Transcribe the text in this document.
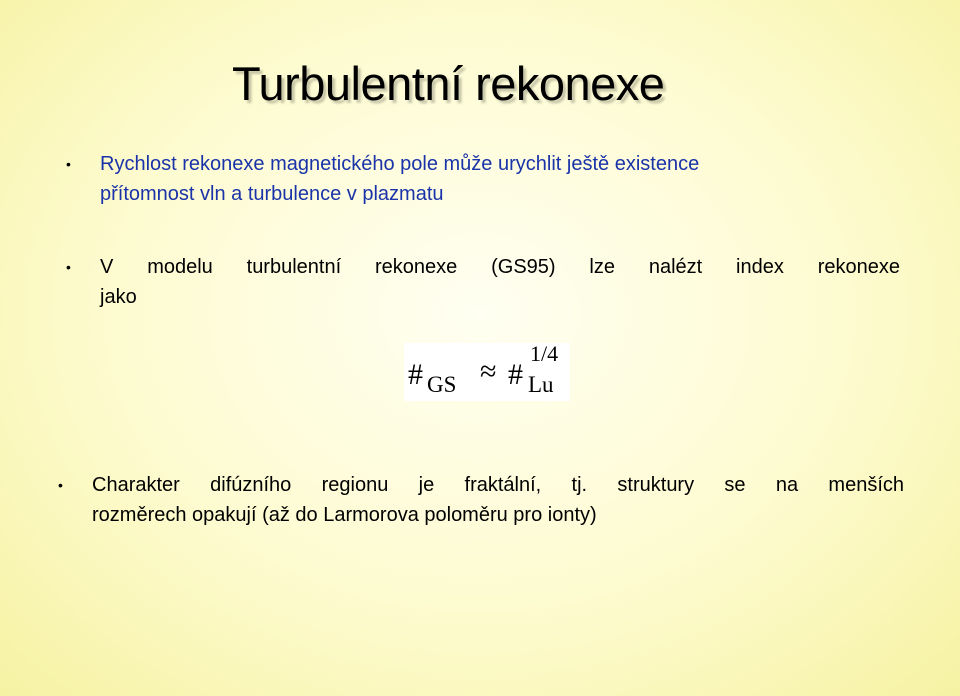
Turbulentní rekonexe
• Rychlost rekonexe magnetického pole může urychlit ještě existence
přítomnost vln a turbulence v plazmatu
• V modelu turbulentní rekonexe (GS95) lze nalézt index rekonexe
jako
# GS ≈ #
1/4
Lu
• Charakter difúzního regionu je fraktální, tj. struktury se na menších
rozměrech opakují (až do Larmorova poloměru pro ionty)
